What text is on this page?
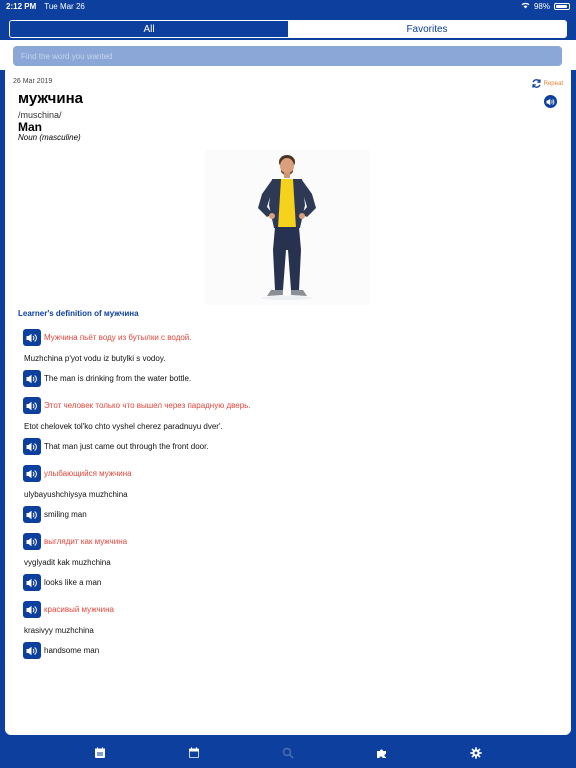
2:12 PM Tue Mar 26	98%
All	Favorites
Find the word you wanted
26 Mar 2019	Repeat
мужчина
/muschina/
Man
Noun (masculine)
Learner's definition of мужчина
Мужчина пьёт воду из бутылки с водой.
Muzhchina p'yot vodu iz butylki s vodoy.
The man is drinking from the water bottle.
Этот человек только что вышел через парадную дверь.
Etot chelovek tol'ko chto vyshel cherez paradnuyu dver'.
That man just came out through the front door.
улыбающийся мужчина
ulybayushchiysya muzhchina
smiling man
выглядит как мужчина
vyglyadit kak muzhchina
looks like a man
красивый мужчина
krasivyy muzhchina
handsome man
